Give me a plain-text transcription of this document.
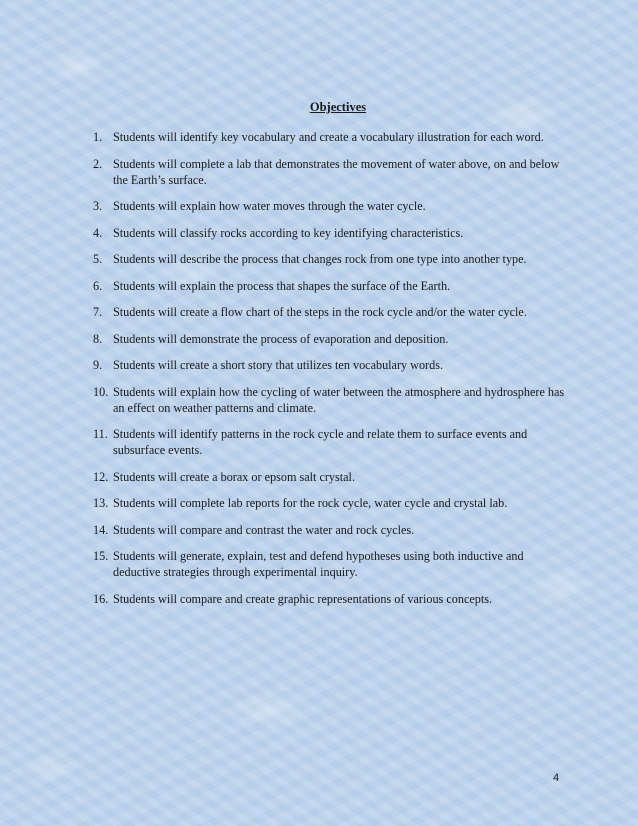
Objectives
1. Students will identify key vocabulary and create a vocabulary illustration for each word.
2. Students will complete a lab that demonstrates the movement of water above, on and below the Earth’s surface.
3. Students will explain how water moves through the water cycle.
4. Students will classify rocks according to key identifying characteristics.
5. Students will describe the process that changes rock from one type into another type.
6. Students will explain the process that shapes the surface of the Earth.
7. Students will create a flow chart of the steps in the rock cycle and/or the water cycle.
8. Students will demonstrate the process of evaporation and deposition.
9. Students will create a short story that utilizes ten vocabulary words.
10. Students will explain how the cycling of water between the atmosphere and hydrosphere has an effect on weather patterns and climate.
11. Students will identify patterns in the rock cycle and relate them to surface events and subsurface events.
12. Students will create a borax or epsom salt crystal.
13. Students will complete lab reports for the rock cycle, water cycle and crystal lab.
14. Students will compare and contrast the water and rock cycles.
15. Students will generate, explain, test and defend hypotheses using both inductive and deductive strategies through experimental inquiry.
16. Students will compare and create graphic representations of various concepts.
4
